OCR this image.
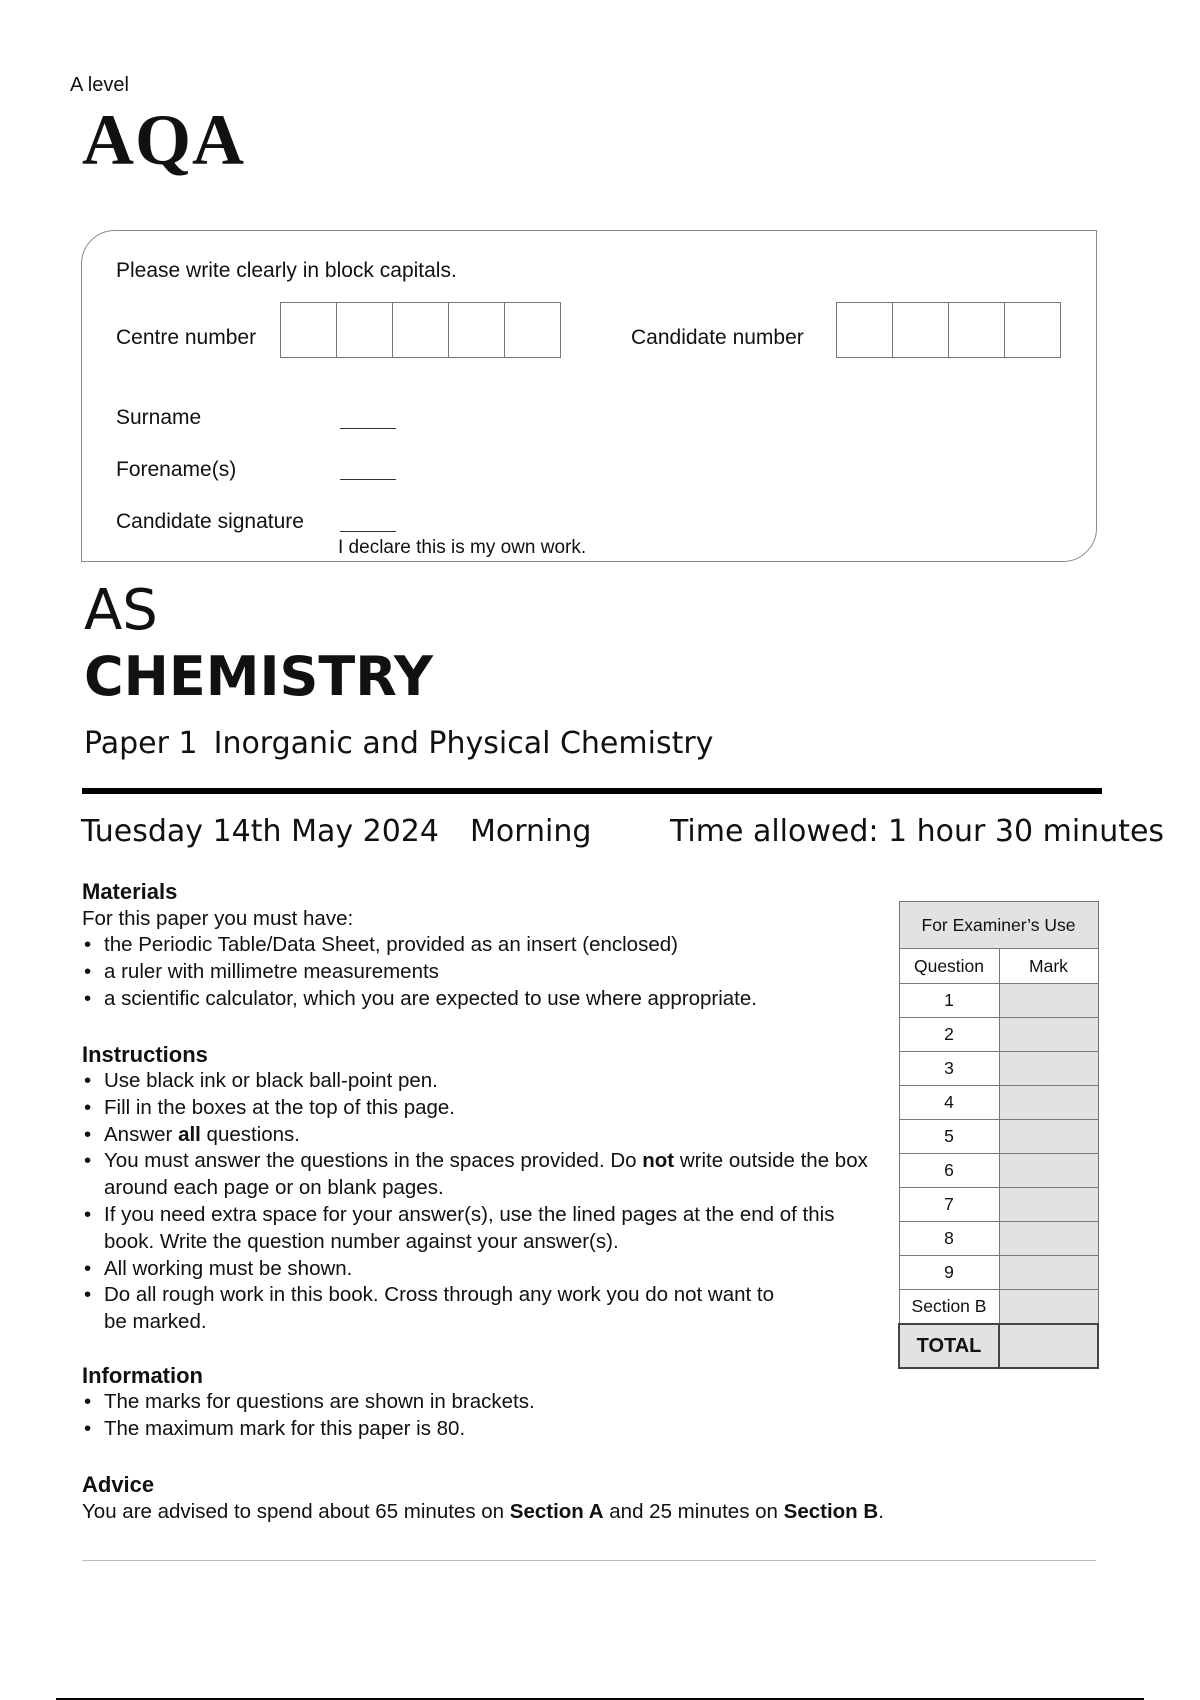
A level
AQA
Please write clearly in block capitals.
Centre number	Candidate number
Surname
Forename(s)
Candidate signature
I declare this is my own work.
AS
CHEMISTRY
Paper 1 Inorganic and Physical Chemistry
Tuesday 14th May 2024 Morning	Time allowed: 1 hour 30 minutes
Materials
For this paper you must have:
• the Periodic Table/Data Sheet, provided as an insert (enclosed)
• a ruler with millimetre measurements
• a scientific calculator, which you are expected to use where appropriate.
Instructions
• Use black ink or black ball-point pen.
• Fill in the boxes at the top of this page.
• Answer all questions.
• You must answer the questions in the spaces provided. Do not write outside the box around each page or on blank pages.
• If you need extra space for your answer(s), use the lined pages at the end of this book. Write the question number against your answer(s).
• All working must be shown.
• Do all rough work in this book. Cross through any work you do not want to be marked.
Information
• The marks for questions are shown in brackets.
• The maximum mark for this paper is 80.
Advice
You are advised to spend about 65 minutes on Section A and 25 minutes on Section B.
For Examiner’s Use	
Question	Mark
1	
2	
3	
4	
5	
6	
7	
8	
9	
Section B	
TOTAL	
